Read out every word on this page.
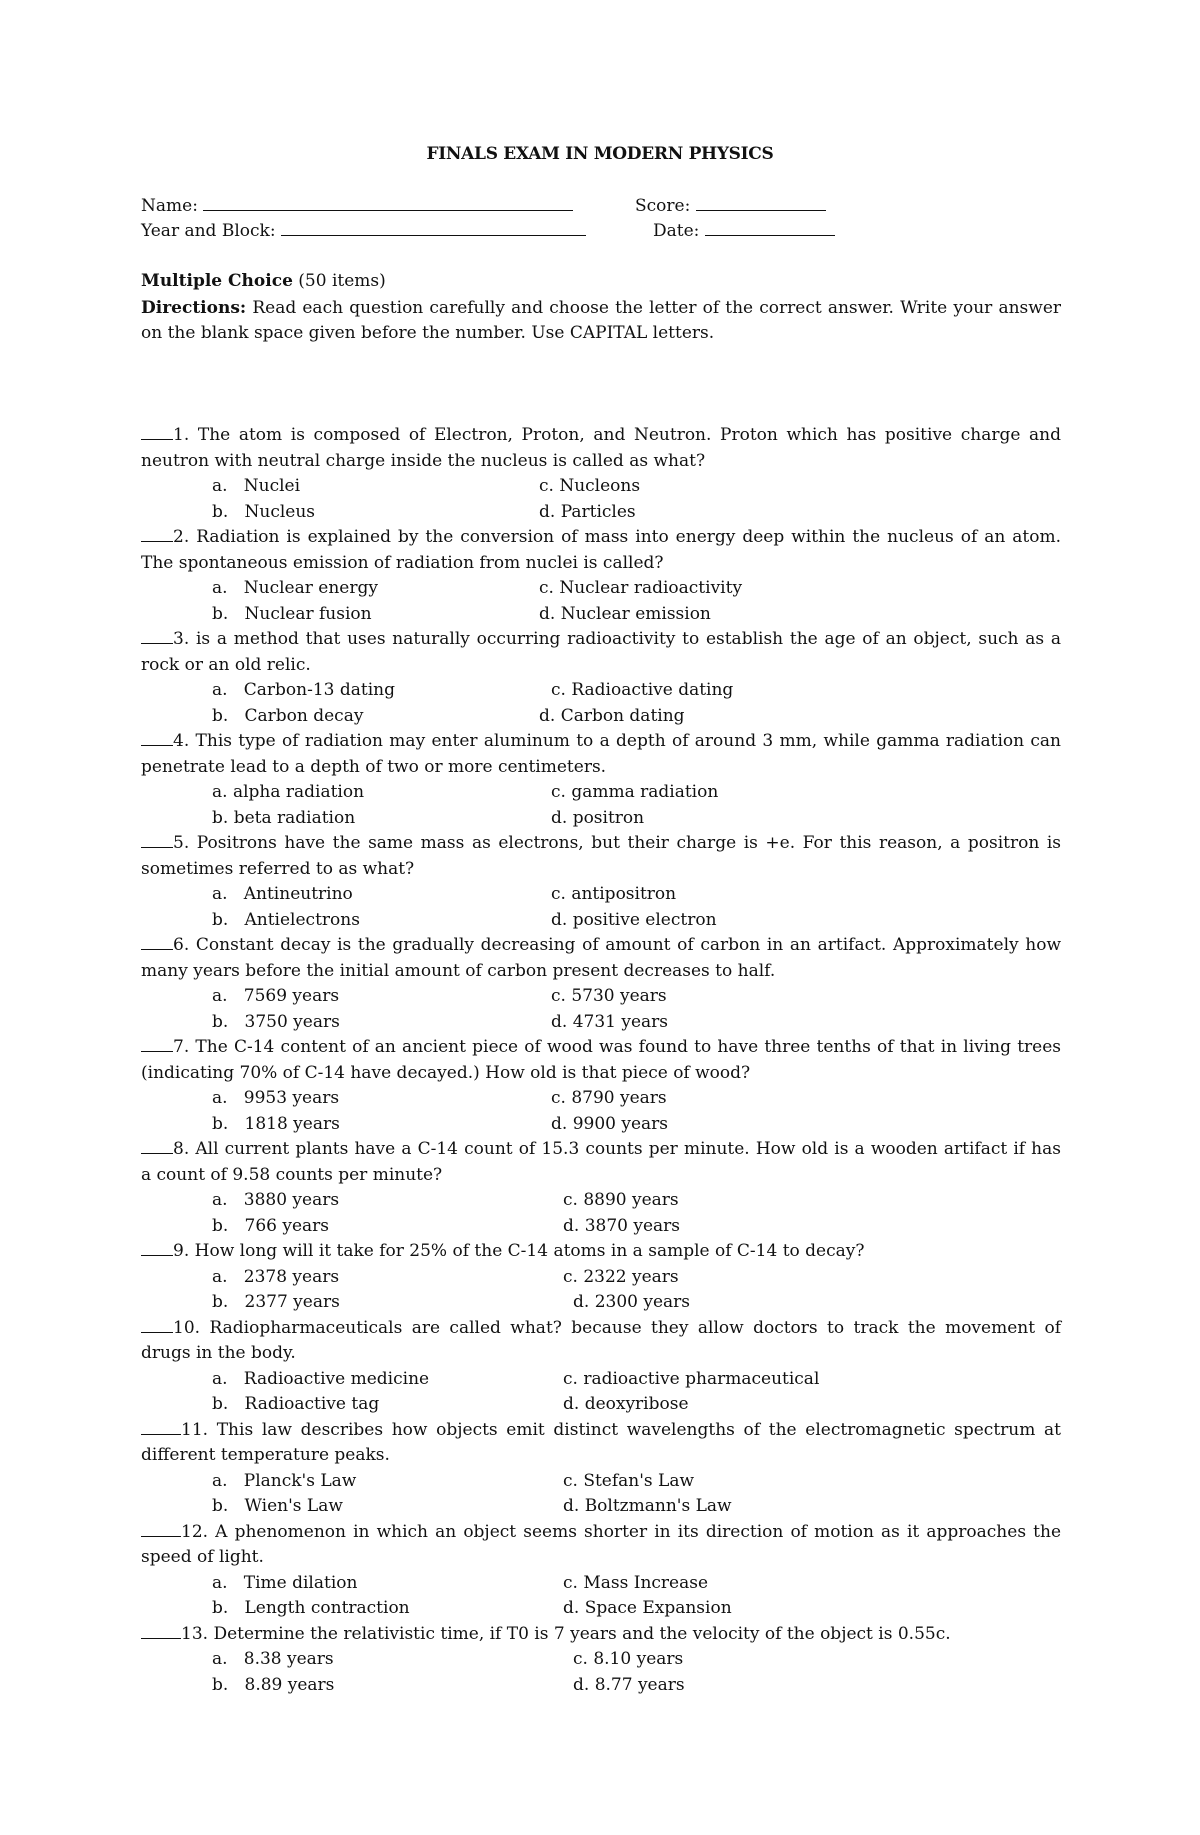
FINALS EXAM IN MODERN PHYSICS
Name:	Score:
Year and Block:	Date:
Multiple Choice (50 items)
Directions: Read each question carefully and choose the letter of the correct answer. Write your answer on the blank space given before the number. Use CAPITAL letters.
1. The atom is composed of Electron, Proton, and Neutron. Proton which has positive charge and neutron with neutral charge inside the nucleus is called as what?
a.   Nuclei
b.   Nucleus
c. Nucleons
d. Particles
2. Radiation is explained by the conversion of mass into energy deep within the nucleus of an atom. The spontaneous emission of radiation from nuclei is called?
a.   Nuclear energy
b.   Nuclear fusion
c. Nuclear radioactivity
d. Nuclear emission
3. is a method that uses naturally occurring radioactivity to establish the age of an object, such as a rock or an old relic.
a.   Carbon-13 dating
b.   Carbon decay
c. Radioactive dating
d. Carbon dating
4. This type of radiation may enter aluminum to a depth of around 3 mm, while gamma radiation can penetrate lead to a depth of two or more centimeters.
a. alpha radiation
b. beta radiation
c. gamma radiation
d. positron
5. Positrons have the same mass as electrons, but their charge is +e. For this reason, a positron is sometimes referred to as what?
a.   Antineutrino
b.   Antielectrons
c. antipositron
d. positive electron
6. Constant decay is the gradually decreasing of amount of carbon in an artifact. Approximately how many years before the initial amount of carbon present decreases to half.
a.   7569 years
b.   3750 years
c. 5730 years
d. 4731 years
7. The C-14 content of an ancient piece of wood was found to have three tenths of that in living trees (indicating 70% of C-14 have decayed.) How old is that piece of wood?
a.   9953 years
b.   1818 years
c. 8790 years
d. 9900 years
8. All current plants have a C-14 count of 15.3 counts per minute. How old is a wooden artifact if has a count of 9.58 counts per minute?
a.   3880 years
b.   766 years
c. 8890 years
d. 3870 years
9. How long will it take for 25% of the C-14 atoms in a sample of C-14 to decay?
a.   2378 years
b.   2377 years
c. 2322 years
d. 2300 years
10. Radiopharmaceuticals are called what? because they allow doctors to track the movement of drugs in the body.
a.   Radioactive medicine
b.   Radioactive tag
c. radioactive pharmaceutical
d. deoxyribose
11. This law describes how objects emit distinct wavelengths of the electromagnetic spectrum at different temperature peaks.
a.   Planck's Law
b.   Wien's Law
c. Stefan's Law
d. Boltzmann's Law
12. A phenomenon in which an object seems shorter in its direction of motion as it approaches the speed of light.
a.   Time dilation
b.   Length contraction
c. Mass Increase
d. Space Expansion
13. Determine the relativistic time, if T0 is 7 years and the velocity of the object is 0.55c.
a.   8.38 years
b.   8.89 years
c. 8.10 years
d. 8.77 years
